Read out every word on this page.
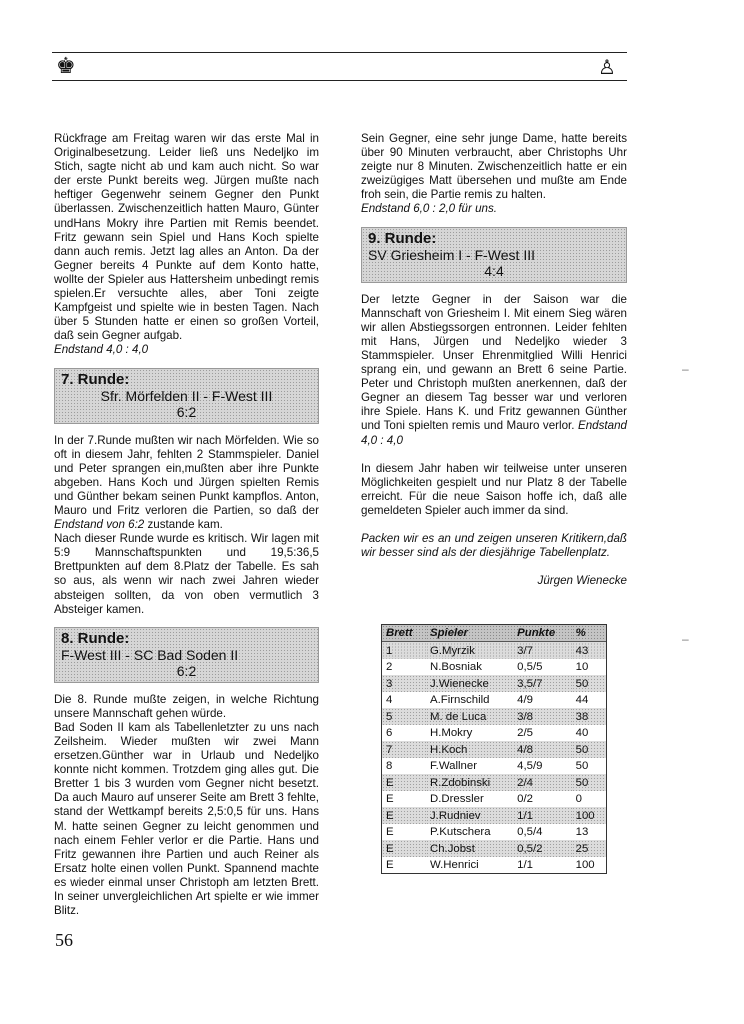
♚	♙

Rückfrage am Freitag waren wir das erste Mal in Originalbesetzung. Leider ließ uns Nedeljko im Stich, sagte nicht ab und kam auch nicht. So war der erste Punkt bereits weg. Jürgen mußte nach heftiger Gegenwehr seinem Gegner den Punkt überlassen. Zwischenzeitlich hatten Mauro, Günter undHans Mokry ihre Partien mit Remis beendet. Fritz gewann sein Spiel und Hans Koch spielte dann auch remis. Jetzt lag alles an Anton. Da der Gegner bereits 4 Punkte auf dem Konto hatte, wollte der Spieler aus Hattersheim unbedingt remis spielen.Er versuchte alles, aber Toni zeigte Kampfgeist und spielte wie in besten Tagen. Nach über 5 Stunden hatte er einen so großen Vorteil, daß sein Gegner aufgab.

Endstand 4,0 : 4,0

7. Runde:
Sfr. Mörfelden II - F-West III
6:2

In der 7.Runde mußten wir nach Mörfelden. Wie so oft in diesem Jahr, fehlten 2 Stammspieler. Daniel und Peter sprangen ein,mußten aber ihre Punkte abgeben. Hans Koch und Jürgen spielten Remis und Günther bekam seinen Punkt kampflos. Anton, Mauro und Fritz verloren die Partien, so daß der Endstand von 6:2 zustande kam.

Nach dieser Runde wurde es kritisch. Wir lagen mit 5:9 Mannschaftspunkten und 19,5:36,5 Brettpunkten auf dem 8.Platz der Tabelle. Es sah so aus, als wenn wir nach zwei Jahren wieder absteigen sollten, da von oben vermutlich 3 Absteiger kamen.

8. Runde:
F-West III - SC Bad Soden II
6:2

Die 8. Runde mußte zeigen, in welche Richtung unsere Mannschaft gehen würde.

Bad Soden II kam als Tabellenletzter zu uns nach Zeilsheim. Wieder mußten wir zwei Mann ersetzen.Günther war in Urlaub und Nedeljko konnte nicht kommen. Trotzdem ging alles gut. Die Bretter 1 bis 3 wurden vom Gegner nicht besetzt. Da auch Mauro auf unserer Seite am Brett 3 fehlte, stand der Wettkampf bereits 2,5:0,5 für uns. Hans M. hatte seinen Gegner zu leicht genommen und nach einem Fehler verlor er die Partie. Hans und Fritz gewannen ihre Partien und auch Reiner als Ersatz holte einen vollen Punkt. Spannend machte es wieder einmal unser Christoph am letzten Brett. In seiner unvergleichlichen Art spielte er wie immer Blitz.

Sein Gegner, eine sehr junge Dame, hatte bereits über 90 Minuten verbraucht, aber Christophs Uhr zeigte nur 8 Minuten. Zwischenzeitlich hatte er ein zweizügiges Matt übersehen und mußte am Ende froh sein, die Partie remis zu halten.

Endstand 6,0 : 2,0 für uns.

9. Runde:
SV Griesheim I - F-West III
4:4

Der letzte Gegner in der Saison war die Mannschaft von Griesheim I. Mit einem Sieg wären wir allen Abstiegssorgen entronnen. Leider fehlten mit Hans, Jürgen und Nedeljko wieder 3 Stammspieler. Unser Ehrenmitglied Willi Henrici sprang ein, und gewann an Brett 6 seine Partie. Peter und Christoph mußten anerkennen, daß der Gegner an diesem Tag besser war und verloren ihre Spiele. Hans K. und Fritz gewannen Günther und Toni spielten remis und Mauro verlor. Endstand 4,0 : 4,0

In diesem Jahr haben wir teilweise unter unseren Möglichkeiten gespielt und nur Platz 8 der Tabelle erreicht. Für die neue Saison hoffe ich, daß alle gemeldeten Spieler auch immer da sind.

Packen wir es an und zeigen unseren Kritikern,daß wir besser sind als der diesjährige Tabellenplatz.

Jürgen Wienecke
Brett	Spieler	Punkte	%
1	G.Myrzik	3/7	43
2	N.Bosniak	0,5/5	10
3	J.Wienecke	3,5/7	50
4	A.Firnschild	4/9	44
5	M. de Luca	3/8	38
6	H.Mokry	2/5	40
7	H.Koch	4/8	50
8	F.Wallner	4,5/9	50
E	R.Zdobinski	2/4	50
E	D.Dressler	0/2	0
E	J.Rudniev	1/1	100
E	P.Kutschera	0,5/4	13
E	Ch.Jobst	0,5/2	25
E	W.Henrici	1/1	100
56
–
–
